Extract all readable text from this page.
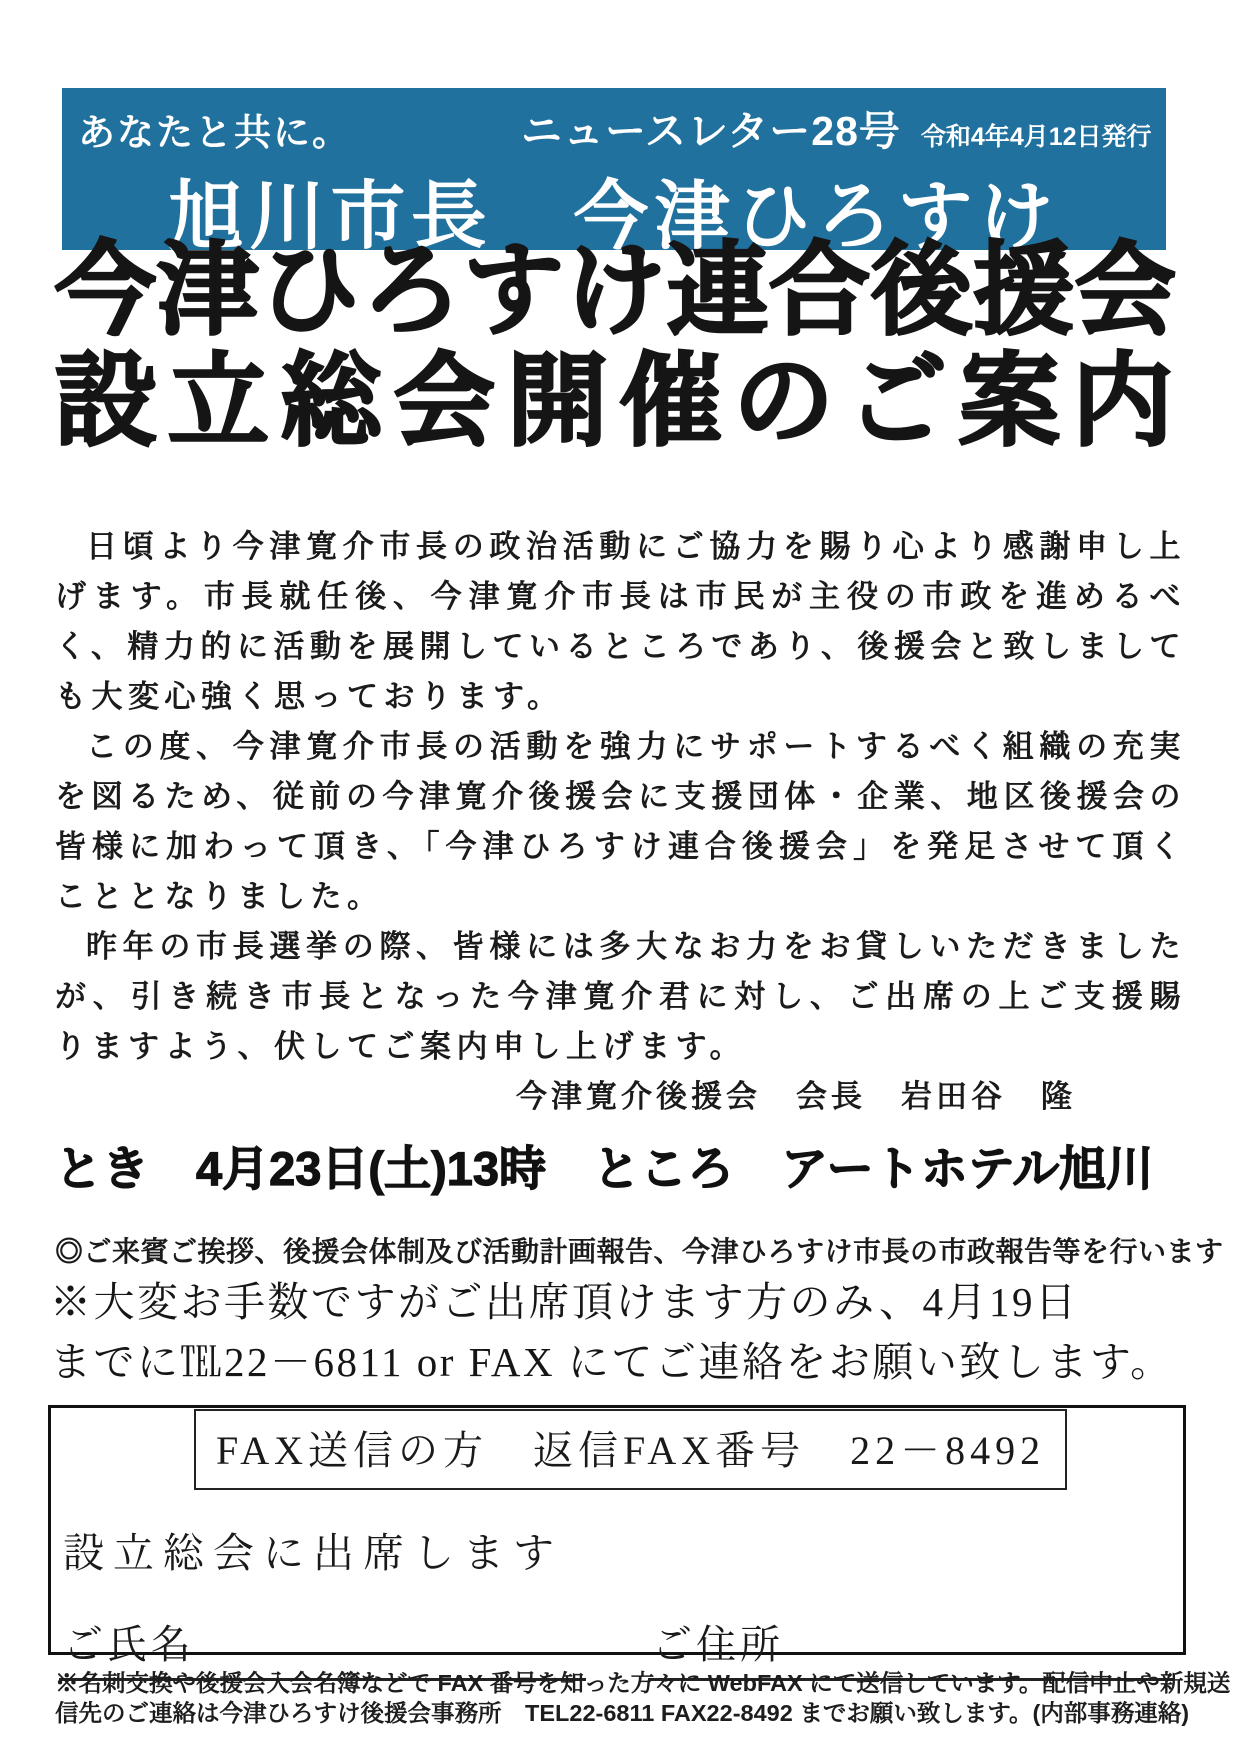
あなたと共に。	ニュースレター28号 令和4年4月12日発行
旭川市長　今津ひろすけ
今津ひろすけ連合後援会
設立総会開催のご案内

日頃より今津寛介市長の政治活動にご協力を賜り心より感謝申し上げます。市長就任後、今津寛介市長は市民が主役の市政を進めるべく、精力的に活動を展開しているところであり、後援会と致しましても大変心強く思っております。

この度、今津寛介市長の活動を強力にサポートするべく組織の充実を図るため、従前の今津寛介後援会に支援団体・企業、地区後援会の皆様に加わって頂き、「今津ひろすけ連合後援会」を発足させて頂くこととなりました。

昨年の市長選挙の際、皆様には多大なお力をお貸しいただきましたが、引き続き市長となった今津寛介君に対し、ご出席の上ご支援賜りますよう、伏してご案内申し上げます。

今津寛介後援会　会長　岩田谷　隆

とき　4月23日(土)13時　ところ　アートホテル旭川
◎ご来賓ご挨拶、後援会体制及び活動計画報告、今津ひろすけ市長の市政報告等を行います
※大変お手数ですがご出席頂けます方のみ、4月19日
までに℡22－6811 or FAX にてご連絡をお願い致します。
FAX送信の方　返信FAX番号　22－8492
設立総会に出席します
ご氏名	ご住所
※名刺交換や後援会入会名簿などで FAX 番号を知った方々に WebFAX にて送信しています。配信中止や新規送
信先のご連絡は今津ひろすけ後援会事務所　TEL22-6811 FAX22-8492 までお願い致します。(内部事務連絡)
